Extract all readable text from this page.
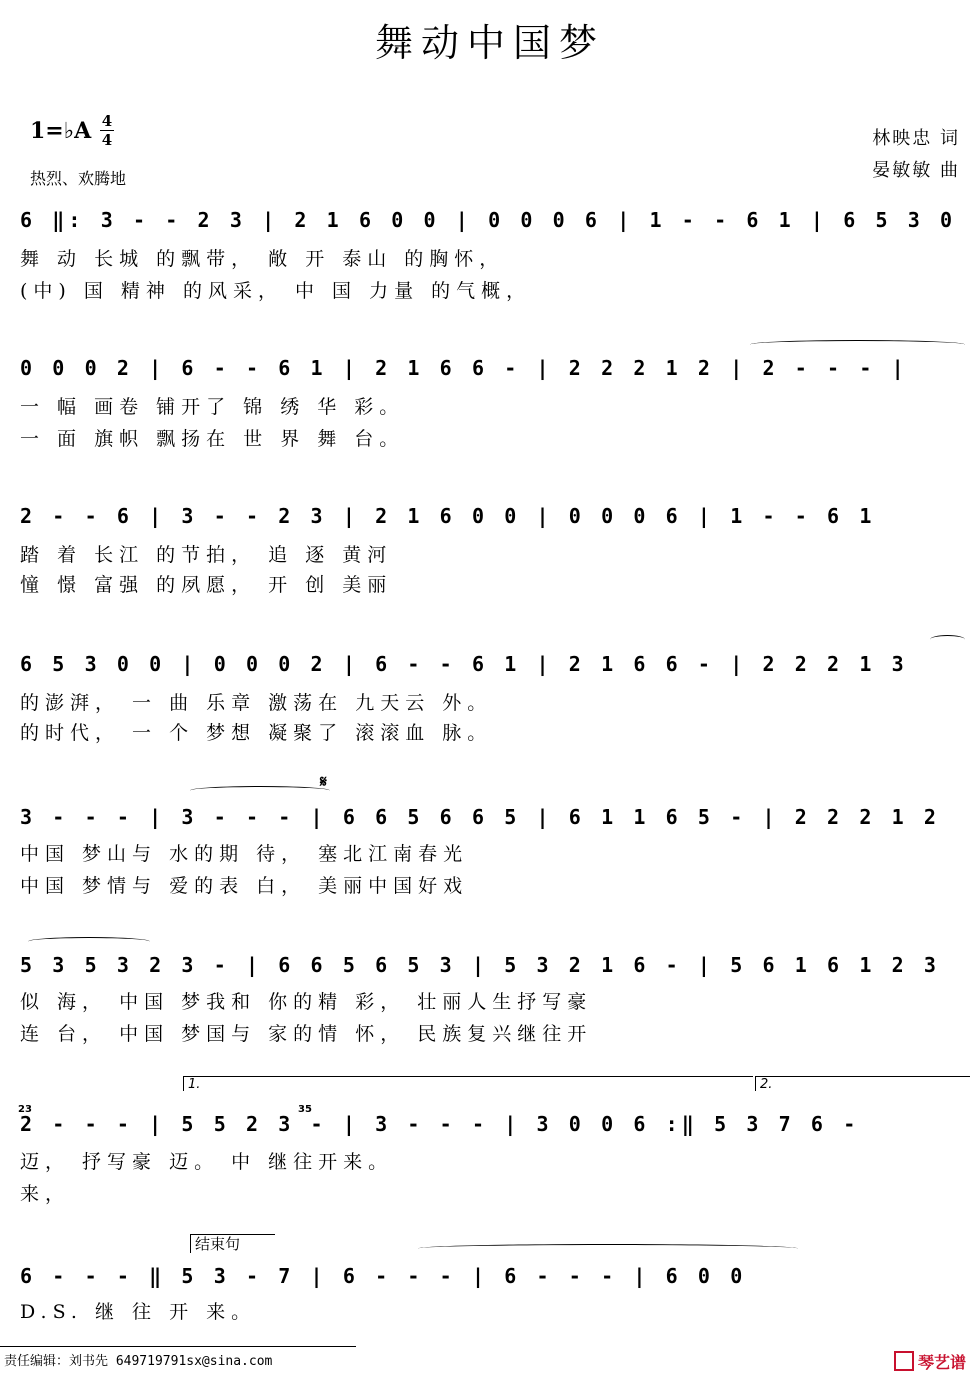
舞动中国梦
1=♭A 4
4
热烈、欢腾地
林映忠 词
晏敏敏 曲
6 ‖: 3 - - 2 3 | 2 1 6 0 0 | 0 0 0 6 | 1 - - 6 1 | 6 5 3 0
舞 动 长城 的飘带， 敞 开 泰山 的胸怀，
(中) 国 精神 的风采， 中 国 力量 的气概，
0 0 0 2 | 6 - - 6 1 | 2 1 6 6 - | 2 2 2 1 2 | 2 - - - |
一 幅 画卷 铺开了 锦 绣 华 彩。
一 面 旗帜 飘扬在 世 界 舞 台。
2 - - 6 | 3 - - 2 3 | 2 1 6 0 0 | 0 0 0 6 | 1 - - 6 1
踏 着 长江 的节拍， 追 逐 黄河
憧 憬 富强 的夙愿， 开 创 美丽
6 5 3 0 0 | 0 0 0 2 | 6 - - 6 1 | 2 1 6 6 - | 2 2 2 1 3
的澎湃， 一 曲 乐章 激荡在 九天云 外。
的时代， 一 个 梦想 凝聚了 滚滚血 脉。
𝄋
3 - - - | 3 - - - | 6 6 5 6 6 5 | 6 1 1 6 5 - | 2 2 2 1 2
中国 梦山与 水的期 待， 塞北江南春光
中国 梦情与 爱的表 白， 美丽中国好戏
5 3 5 3 2 3 - | 6 6 5 6 5 3 | 5 3 2 1 6 - | 5 6 1 6 1 2 3
似 海， 中国 梦我和 你的精 彩， 壮丽人生抒写豪
连 台， 中国 梦国与 家的情 怀， 民族复兴继往开
1.	2.
23	35
2 - - - | 5 5 2 3 - | 3 - - - | 3 0 0 6 :‖ 5 3 7 6 -
迈， 抒写豪 迈。 中 继往开来。
来，
结束句
6 - - - ‖ 5 3 - 7 | 6 - - - | 6 - - - | 6 0 0
D.S. 继 往 开 来。
责任编辑：刘书先 649719791sx@sina.com	琴艺谱
